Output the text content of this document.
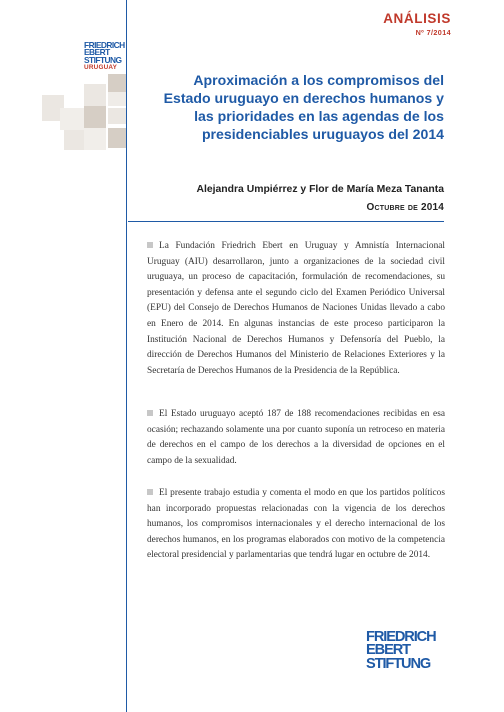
FRIEDRICH
EBERT
STIFTUNG
URUGUAY
ANÁLISIS
Nº 7/2014
Aproximación a los compromisos del Estado uruguayo en derechos humanos y las prioridades en las agendas de los presidenciables uruguayos del 2014
Alejandra Umpiérrez y Flor de María Meza Tananta
Octubre de 2014
La Fundación Friedrich Ebert en Uruguay y Amnistía Internacional Uruguay (AIU) desarrollaron, junto a organizaciones de la sociedad civil uruguaya, un proceso de capacitación, formulación de recomendaciones, su presentación y defensa ante el segundo ciclo del Examen Periódico Universal (EPU) del Consejo de Derechos Humanos de Naciones Unidas llevado a cabo en Enero de 2014. En algunas instancias de este proceso participaron la Institución Nacional de Derechos Humanos y Defensoría del Pueblo, la dirección de Derechos Humanos del Ministerio de Relaciones Exteriores y la Secretaría de Derechos Humanos de la Presidencia de la República.
El Estado uruguayo aceptó 187 de 188 recomendaciones recibidas en esa ocasión; rechazando solamente una por cuanto suponía un retroceso en materia de derechos en el campo de los derechos a la diversidad de opciones en el campo de la sexualidad.
El presente trabajo estudia y comenta el modo en que los partidos políticos han incorporado propuestas relacionadas con la vigencia de los derechos humanos, los compromisos internacionales y el derecho internacional de los derechos humanos, en los programas elaborados con motivo de la competencia electoral presidencial y parlamentarias que tendrá lugar en octubre de 2014.
FRIEDRICH
EBERT
STIFTUNG
